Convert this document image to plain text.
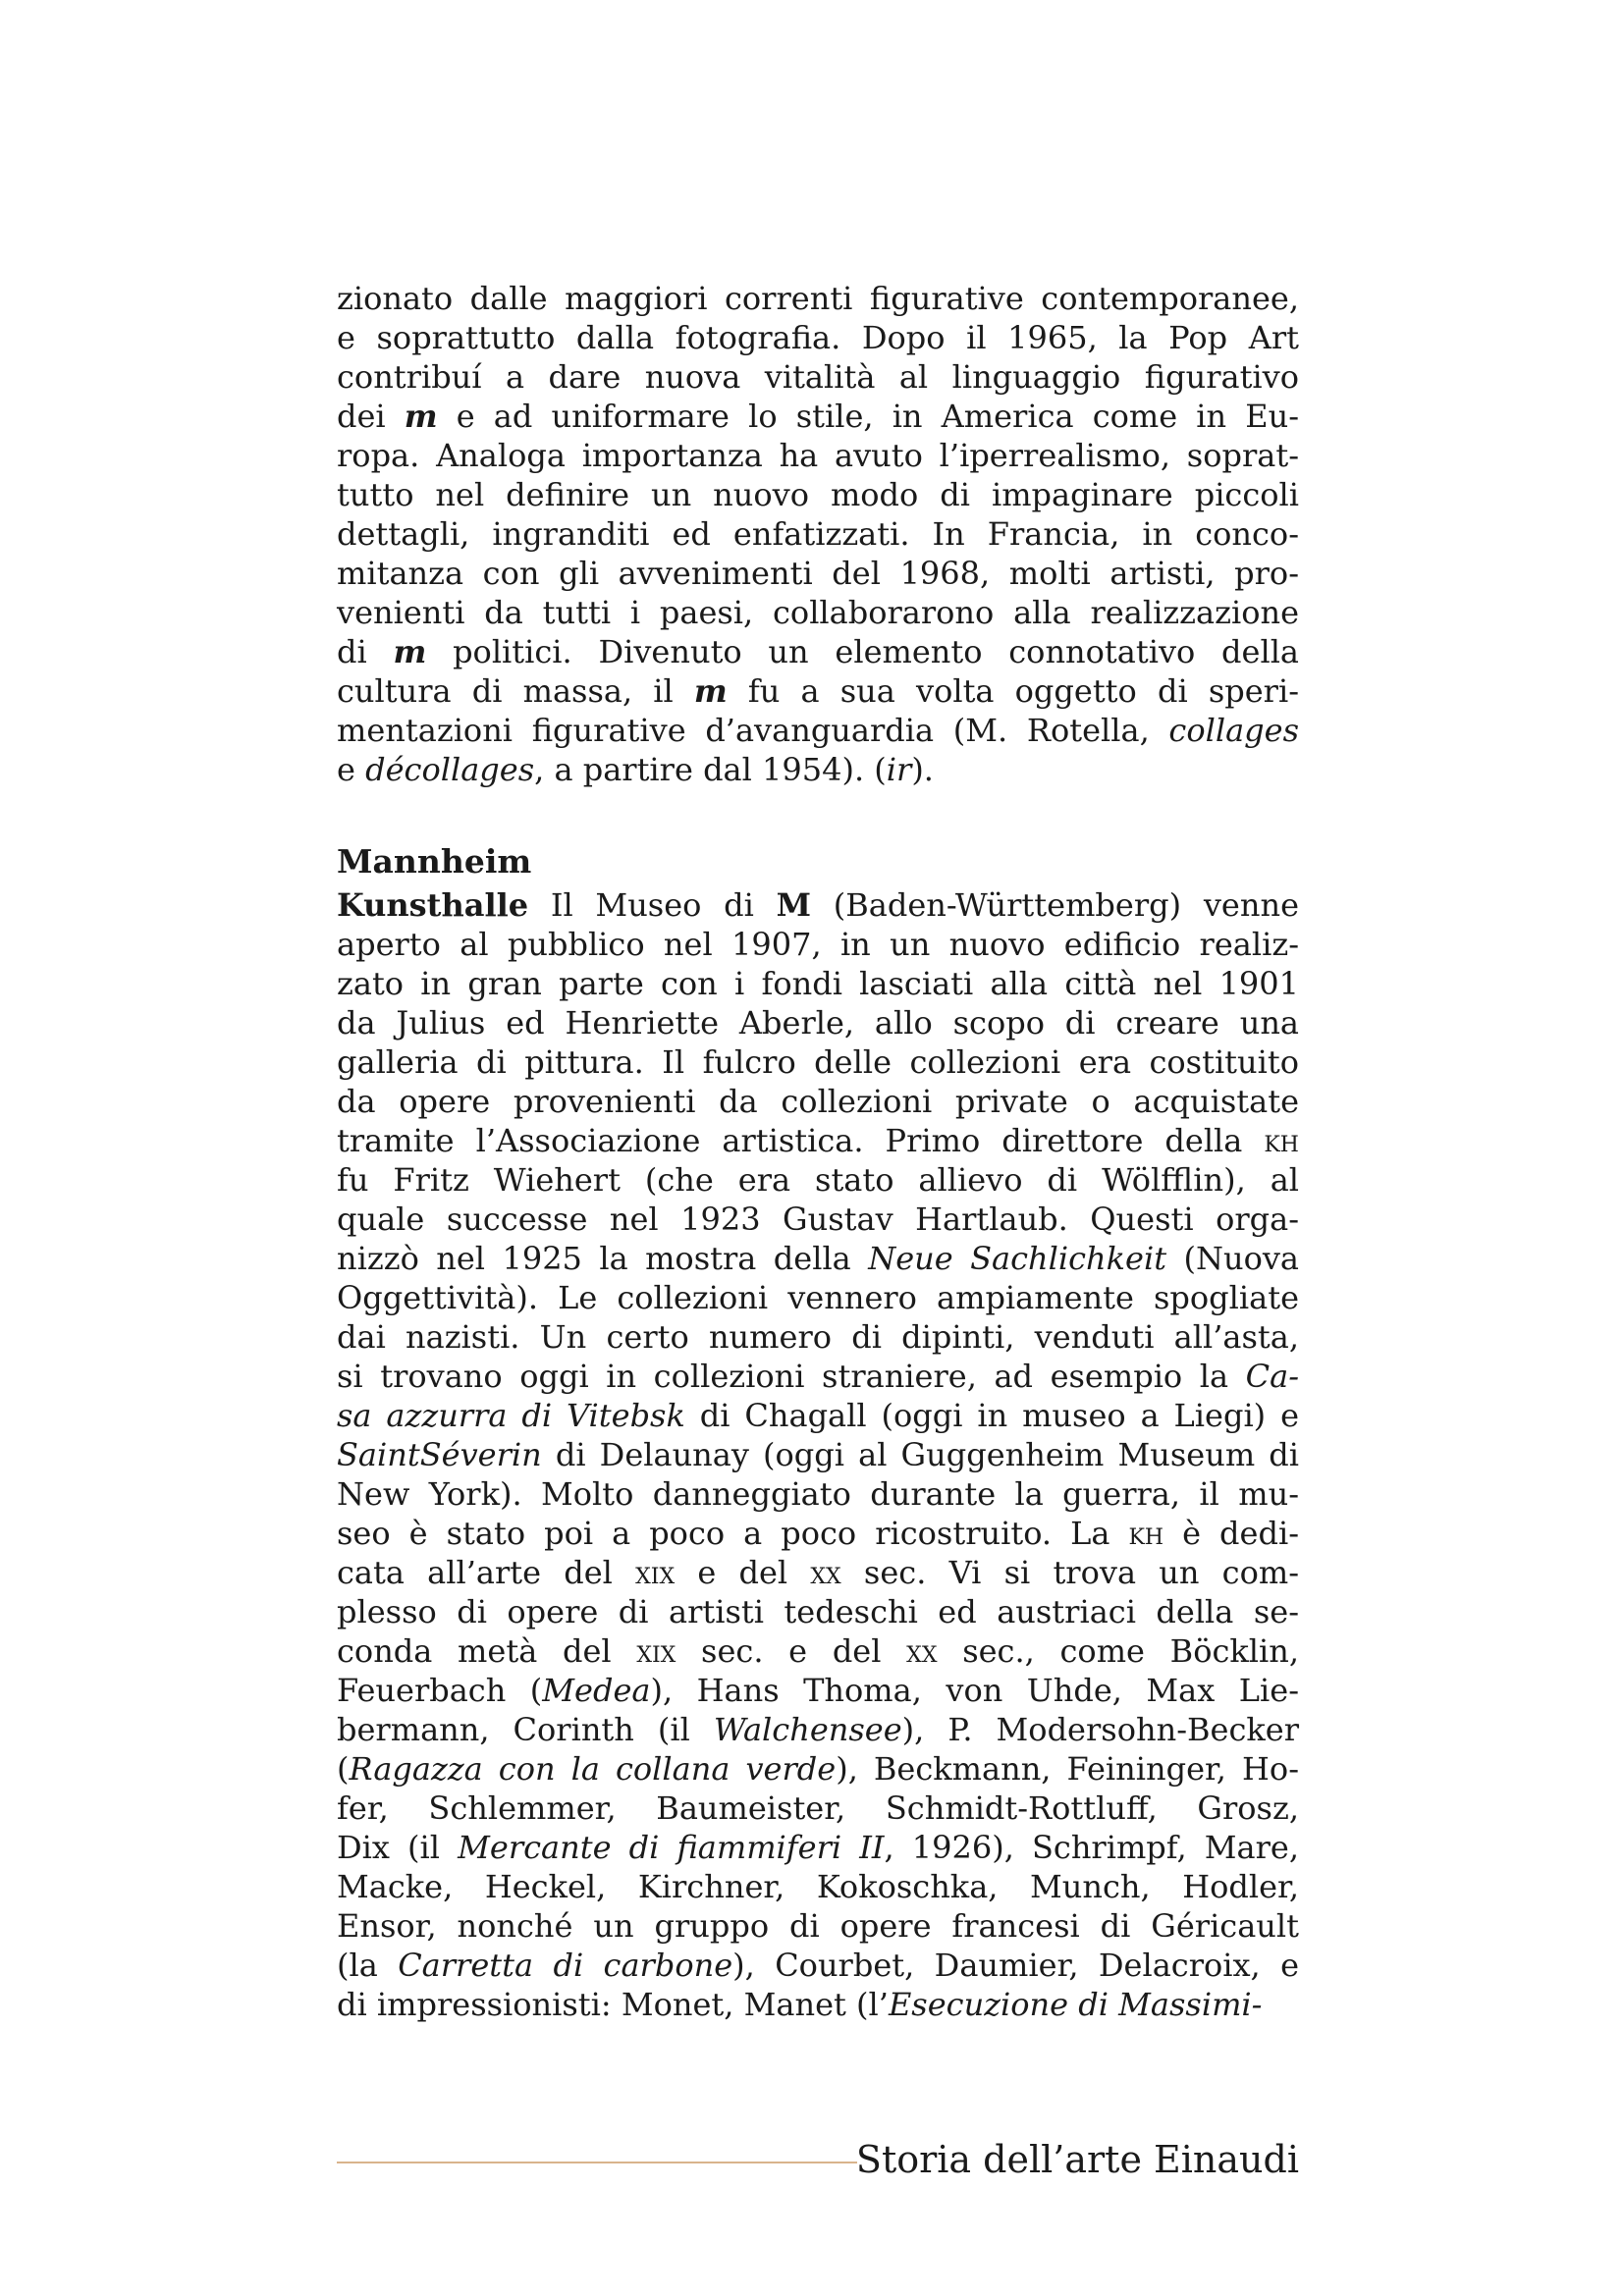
zionato dalle maggiori correnti figurative contemporanee,
e soprattutto dalla fotografia. Dopo il 1965, la Pop Art
contribuí a dare nuova vitalità al linguaggio figurativo
dei m e ad uniformare lo stile, in America come in Eu-
ropa. Analoga importanza ha avuto l’iperrealismo, soprat-
tutto nel definire un nuovo modo di impaginare piccoli
dettagli, ingranditi ed enfatizzati. In Francia, in conco-
mitanza con gli avvenimenti del 1968, molti artisti, pro-
venienti da tutti i paesi, collaborarono alla realizzazione
di m politici. Divenuto un elemento connotativo della
cultura di massa, il m fu a sua volta oggetto di speri-
mentazioni figurative d’avanguardia (M. Rotella, collages
e décollages, a partire dal 1954). (ir).
Mannheim
Kunsthalle Il Museo di M (Baden-Württemberg) venne
aperto al pubblico nel 1907, in un nuovo edificio realiz-
zato in gran parte con i fondi lasciati alla città nel 1901
da Julius ed Henriette Aberle, allo scopo di creare una
galleria di pittura. Il fulcro delle collezioni era costituito
da opere provenienti da collezioni private o acquistate
tramite l’Associazione artistica. Primo direttore della kh
fu Fritz Wiehert (che era stato allievo di Wölfflin), al
quale successe nel 1923 Gustav Hartlaub. Questi orga-
nizzò nel 1925 la mostra della Neue Sachlichkeit (Nuova
Oggettività). Le collezioni vennero ampiamente spogliate
dai nazisti. Un certo numero di dipinti, venduti all’asta,
si trovano oggi in collezioni straniere, ad esempio la Ca-
sa azzurra di Vitebsk di Chagall (oggi in museo a Liegi) e
SaintSéverin di Delaunay (oggi al Guggenheim Museum di
New York). Molto danneggiato durante la guerra, il mu-
seo è stato poi a poco a poco ricostruito. La kh è dedi-
cata all’arte del xix e del xx sec. Vi si trova un com-
plesso di opere di artisti tedeschi ed austriaci della se-
conda metà del xix sec. e del xx sec., come Böcklin,
Feuerbach (Medea), Hans Thoma, von Uhde, Max Lie-
bermann, Corinth (il Walchensee), P. Modersohn-Becker
(Ragazza con la collana verde), Beckmann, Feininger, Ho-
fer, Schlemmer, Baumeister, Schmidt-Rottluff, Grosz,
Dix (il Mercante di fiammiferi II, 1926), Schrimpf, Mare,
Macke, Heckel, Kirchner, Kokoschka, Munch, Hodler,
Ensor, nonché un gruppo di opere francesi di Géricault
(la Carretta di carbone), Courbet, Daumier, Delacroix, e
di impressionisti: Monet, Manet (l’Esecuzione di Massimi-
Storia dell’arte Einaudi
